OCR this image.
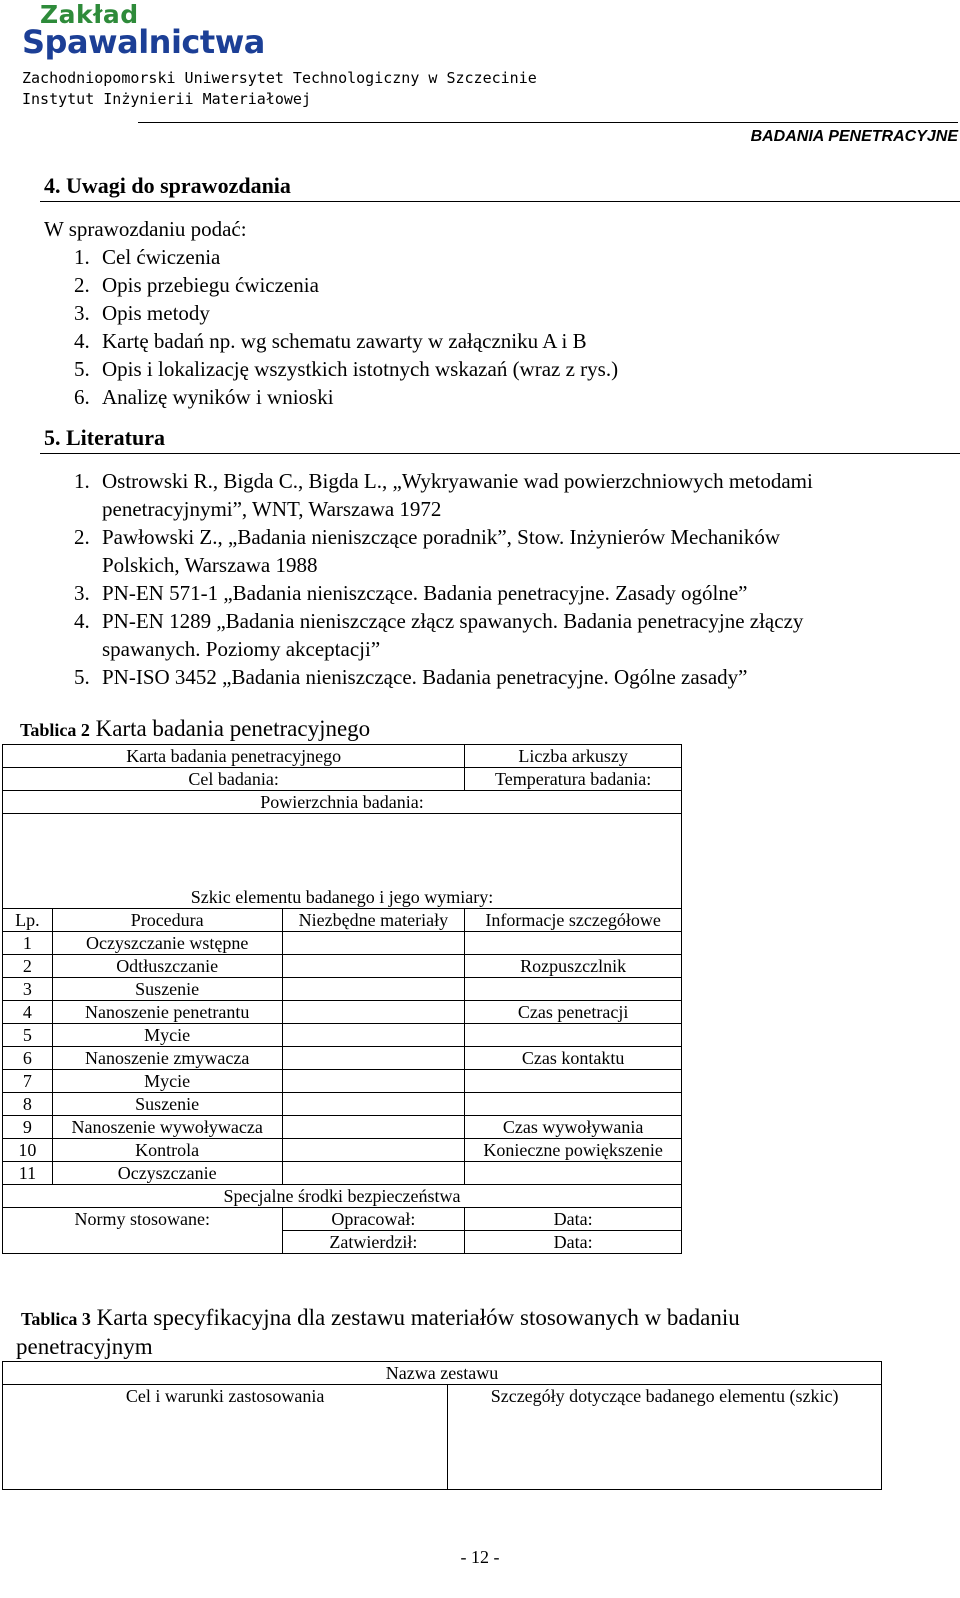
Zakład
Spawalnictwa
Zachodniopomorski Uniwersytet Technologiczny w Szczecinie
Instytut Inżynierii Materiałowej
BADANIA PENETRACYJNE
4. Uwagi do sprawozdania
W sprawozdaniu podać:
1. Cel ćwiczenia
2. Opis przebiegu ćwiczenia
3. Opis metody
4. Kartę badań np. wg schematu zawarty w załączniku A i B
5. Opis i lokalizację wszystkich istotnych wskazań (wraz z rys.)
6. Analizę wyników i wnioski
5. Literatura
1. Ostrowski R., Bigda C., Bigda L., „Wykryawanie wad powierzchniowych metodami penetracyjnymi”, WNT, Warszawa 1972
2. Pawłowski Z., „Badania nieniszczące poradnik”, Stow. Inżynierów Mechaników Polskich, Warszawa 1988
3. PN-EN 571-1 „Badania nieniszczące. Badania penetracyjne. Zasady ogólne”
4. PN-EN 1289 „Badania nieniszczące złącz spawanych. Badania penetracyjne złączy spawanych. Poziomy akceptacji”
5. PN-ISO 3452 „Badania nieniszczące. Badania penetracyjne. Ogólne zasady”
Tablica 2 Karta badania penetracyjnego
Karta badania penetracyjnego			Liczba arkuszy
Cel badania:			Temperatura badania:
Powierzchnia badania:			
Szkic elementu badanego i jego wymiary:			
Lp.	Procedura	Niezbędne materiały	Informacje szczegółowe
1	Oczyszczanie wstępne		
2	Odtłuszczanie		Rozpuszczlnik
3	Suszenie		
4	Nanoszenie penetrantu		Czas penetracji
5	Mycie		
6	Nanoszenie zmywacza		Czas kontaktu
7	Mycie		
8	Suszenie		
9	Nanoszenie wywoływacza		Czas wywoływania
10	Kontrola		Konieczne powiększenie
11	Oczyszczanie		
Specjalne środki bezpieczeństwa			
Normy stosowane:		Opracował:	Data:
		Zatwierdził:	Data:
Tablica 3 Karta specyfikacyjna dla zestawu materiałów stosowanych w badaniu penetracyjnym
Nazwa zestawu
Cel i warunki zastosowania	Szczegóły dotyczące badanego elementu (szkic)
- 12 -
